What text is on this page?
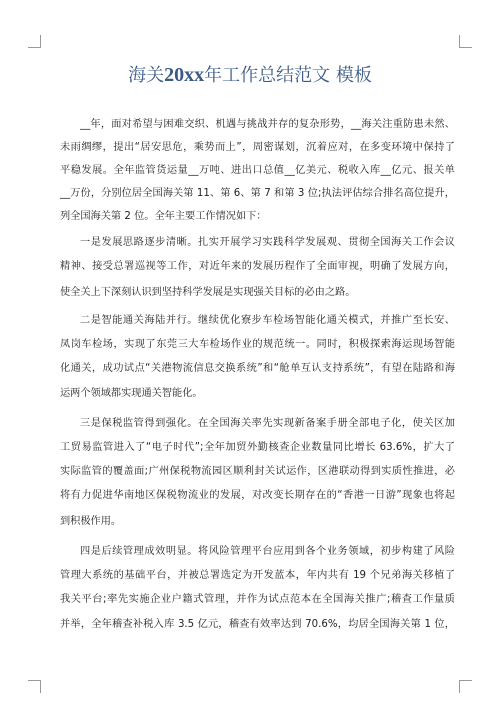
海关20xx年工作总结范文 模板
__年，面对希望与困难交织、机遇与挑战并存的复杂形势，__海关注重防患未然、
未雨绸缪，提出“居安思危，乘势而上”，周密谋划，沉着应对，在多变环境中保持了
平稳发展。全年监管货运量__万吨、进出口总值__亿美元、税收入库__亿元、报关单
__万份，分别位居全国海关第 11、第 6、第 7 和第 3 位;执法评估综合排名高位提升，
列全国海关第 2 位。全年主要工作情况如下：
一是发展思路逐步清晰。扎实开展学习实践科学发展观、贯彻全国海关工作会议
精神、接受总署巡视等工作，对近年来的发展历程作了全面审视，明确了发展方向，
使全关上下深刻认识到坚持科学发展是实现强关目标的必由之路。
二是智能通关海陆并行。继续优化寮步车检场智能化通关模式，并推广至长安、
凤岗车检场，实现了东莞三大车检场作业的规范统一。同时，积极探索海运现场智能
化通关，成功试点“关港物流信息交换系统”和“舱单互认支持系统”，有望在陆路和海
运两个领域都实现通关智能化。
三是保税监管得到强化。在全国海关率先实现新备案手册全部电子化，使关区加
工贸易监管进入了“电子时代”;全年加贸外勤核查企业数量同比增长 63.6%，扩大了
实际监管的覆盖面;广州保税物流园区顺利封关试运作，区港联动得到实质性推进，必
将有力促进华南地区保税物流业的发展，对改变长期存在的“香港一日游”现象也将起
到积极作用。
四是后续管理成效明显。将风险管理平台应用到各个业务领域，初步构建了风险
管理大系统的基础平台，并被总署选定为开发蓝本，年内共有 19 个兄弟海关移植了
我关平台;率先实施企业户籍式管理，并作为试点范本在全国海关推广;稽查工作量质
并举，全年稽查补税入库 3.5 亿元，稽查有效率达到 70.6%，均居全国海关第 1 位，
